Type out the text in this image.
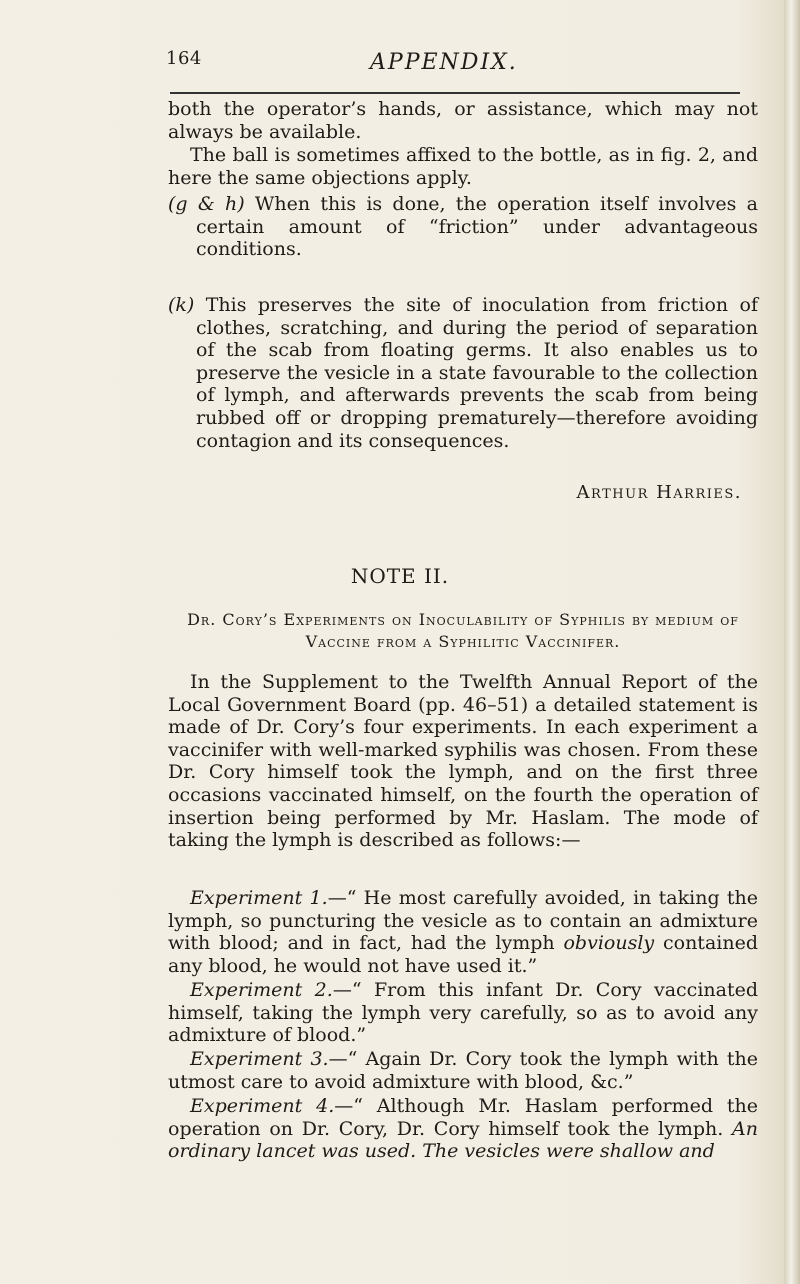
164	APPENDIX.

both the operator’s hands, or assistance, which may not always be available.

The ball is sometimes affixed to the bottle, as in fig. 2, and here the same objections apply.

(g & h) When this is done, the operation itself involves a certain amount of “friction” under advantageous conditions.

(k) This preserves the site of inoculation from friction of clothes, scratching, and during the period of separation of the scab from floating germs. It also enables us to preserve the vesicle in a state favourable to the collection of lymph, and afterwards prevents the scab from being rubbed off or dropping prematurely—therefore avoiding contagion and its consequences.

Arthur Harries.
NOTE II.
Dr. Cory’s Experiments on Inoculability of Syphilis by medium of Vaccine from a Syphilitic Vaccinifer.

In the Supplement to the Twelfth Annual Report of the Local Government Board (pp. 46–51) a detailed statement is made of Dr. Cory’s four experiments. In each experiment a vaccinifer with well-marked syphilis was chosen. From these Dr. Cory himself took the lymph, and on the first three occasions vaccinated himself, on the fourth the operation of insertion being performed by Mr. Haslam. The mode of taking the lymph is described as follows:—

Experiment 1.—“ He most carefully avoided, in taking the lymph, so puncturing the vesicle as to contain an admixture with blood; and in fact, had the lymph obviously contained any blood, he would not have used it.”

Experiment 2.—“ From this infant Dr. Cory vaccinated himself, taking the lymph very carefully, so as to avoid any admixture of blood.”

Experiment 3.—“ Again Dr. Cory took the lymph with the utmost care to avoid admixture with blood, &c.”

Experiment 4.—“ Although Mr. Haslam performed the operation on Dr. Cory, Dr. Cory himself took the lymph. An ordinary lancet was used. The vesicles were shallow and
